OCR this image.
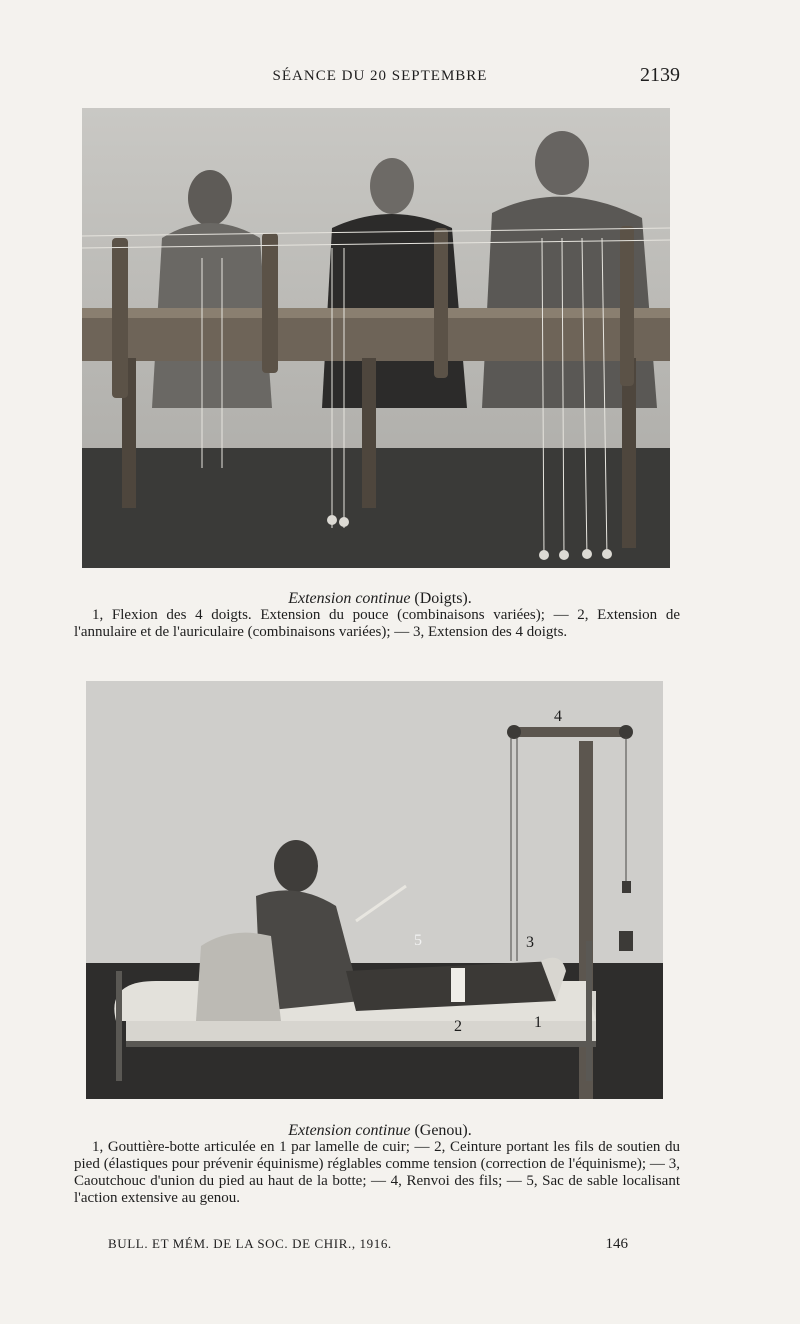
SÉANCE DU 20 SEPTEMBRE	2139
Extension continue (Doigts).
1, Flexion des 4 doigts. Extension du pouce (combinaisons variées); — 2, Extension de l'annulaire et de l'auriculaire (combinaisons variées); — 3, Extension des 4 doigts.
4
5	3
2	1
Extension continue (Genou).
1, Gouttière-botte articulée en 1 par lamelle de cuir; — 2, Ceinture portant les fils de soutien du pied (élastiques pour prévenir équinisme) réglables comme tension (correction de l'équinisme); — 3, Caoutchouc d'union du pied au haut de la botte; — 4, Renvoi des fils; — 5, Sac de sable localisant l'action extensive au genou.
BULL. ET MÉM. DE LA SOC. DE CHIR., 1916.	146
